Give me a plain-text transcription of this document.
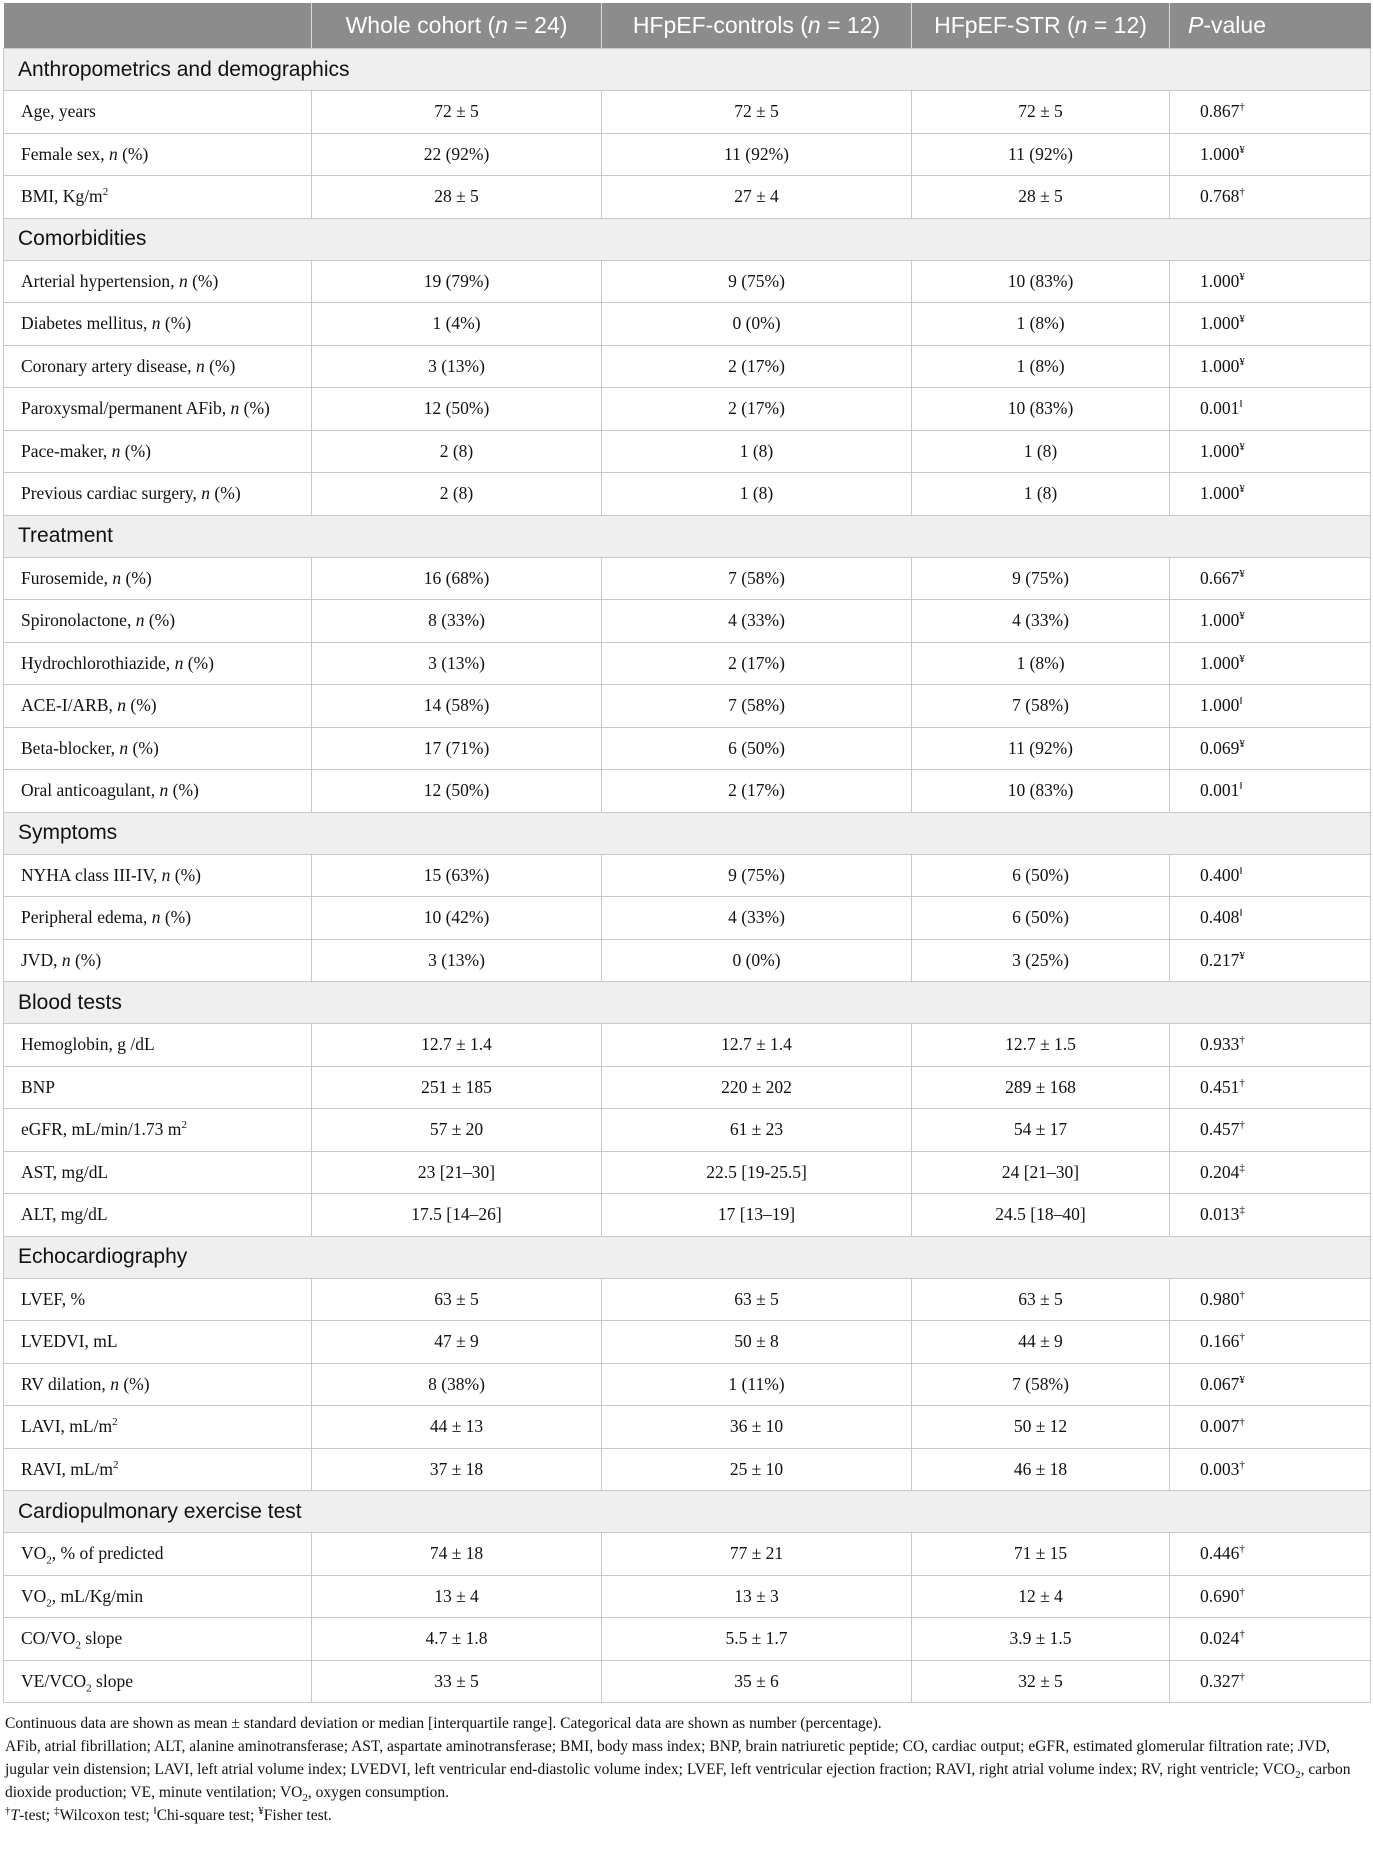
	Whole cohort (n = 24)	HFpEF-controls (n = 12)	HFpEF-STR (n = 12)	P-value
Anthropometrics and demographics				
Age, years	72 ± 5	72 ± 5	72 ± 5	0.867†
Female sex, n (%)	22 (92%)	11 (92%)	11 (92%)	1.000¥
BMI, $Kg/m^2$	28 ± 5	27 ± 4	28 ± 5	0.768†
Comorbidities				
Arterial hypertension, n (%)	19 (79%)	9 (75%)	10 (83%)	1.000¥
Diabetes mellitus, n (%)	1 (4%)	0 (0%)	1 (8%)	1.000¥
Coronary artery disease, n (%)	3 (13%)	2 (17%)	1 (8%)	1.000¥
Paroxysmal/permanent AFib, n (%)	12 (50%)	2 (17%)	10 (83%)	0.001‖
Pace-maker, n (%)	2 (8)	1 (8)	1 (8)	1.000¥
Previous cardiac surgery, n (%)	2 (8)	1 (8)	1 (8)	1.000¥
Treatment				
Furosemide, n (%)	16 (68%)	7 (58%)	9 (75%)	0.667¥
Spironolactone, n (%)	8 (33%)	4 (33%)	4 (33%)	1.000¥
Hydrochlorothiazide, n (%)	3 (13%)	2 (17%)	1 (8%)	1.000¥
ACE-I/ARB, n (%)	14 (58%)	7 (58%)	7 (58%)	1.000‖
Beta-blocker, n (%)	17 (71%)	6 (50%)	11 (92%)	0.069¥
Oral anticoagulant, n (%)	12 (50%)	2 (17%)	10 (83%)	0.001‖
Symptoms				
NYHA class III-IV, n (%)	15 (63%)	9 (75%)	6 (50%)	0.400‖
Peripheral edema, n (%)	10 (42%)	4 (33%)	6 (50%)	0.408‖
JVD, n (%)	3 (13%)	0 (0%)	3 (25%)	0.217¥
Blood tests				
Hemoglobin, g /dL	12.7 ± 1.4	12.7 ± 1.4	12.7 ± 1.5	0.933†
BNP	251 ± 185	220 ± 202	289 ± 168	0.451†
eGFR, mL/min/1.73 $m^2$	57 ± 20	61 ± 23	54 ± 17	0.457†
AST, mg/dL	23 [21–30]	22.5 [19-25.5]	24 [21–30]	0.204‡
ALT, mg/dL	17.5 [14–26]	17 [13–19]	24.5 [18–40]	0.013‡
Echocardiography				
LVEF, %	63 ± 5	63 ± 5	63 ± 5	0.980†
LVEDVI, mL	47 ± 9	50 ± 8	44 ± 9	0.166†
RV dilation, n (%)	8 (38%)	1 (11%)	7 (58%)	0.067¥
LAVI, $mL/m^2$	44 ± 13	36 ± 10	50 ± 12	0.007†
RAVI, $mL/m^2$	37 ± 18	25 ± 10	46 ± 18	0.003†
Cardiopulmonary exercise test				
$VO_2$, % of predicted	74 ± 18	77 ± 21	71 ± 15	0.446†
$VO_2$, mL/Kg/min	13 ± 4	13 ± 3	12 ± 4	0.690†
$CO/VO_2$ slope	4.7 ± 1.8	5.5 ± 1.7	3.9 ± 1.5	0.024†
$VE/VCO_2$ slope	33 ± 5	35 ± 6	32 ± 5	0.327†

Continuous data are shown as mean ± standard deviation or median [interquartile range]. Categorical data are shown as number (percentage).

AFib, atrial fibrillation; ALT, alanine aminotransferase; AST, aspartate aminotransferase; BMI, body mass index; BNP, brain natriuretic peptide; CO, cardiac output; eGFR, estimated glomerular filtration rate; JVD, jugular vein distension; LAVI, left atrial volume index; LVEDVI, left ventricular end-diastolic volume index; LVEF, left ventricular ejection fraction; RAVI, right atrial volume index; RV, right ventricle; $VCO_2$, carbon dioxide production; VE, minute ventilation; $VO_2$, oxygen consumption.

†T-test; ‡Wilcoxon test; ‖Chi-square test; ¥Fisher test.
